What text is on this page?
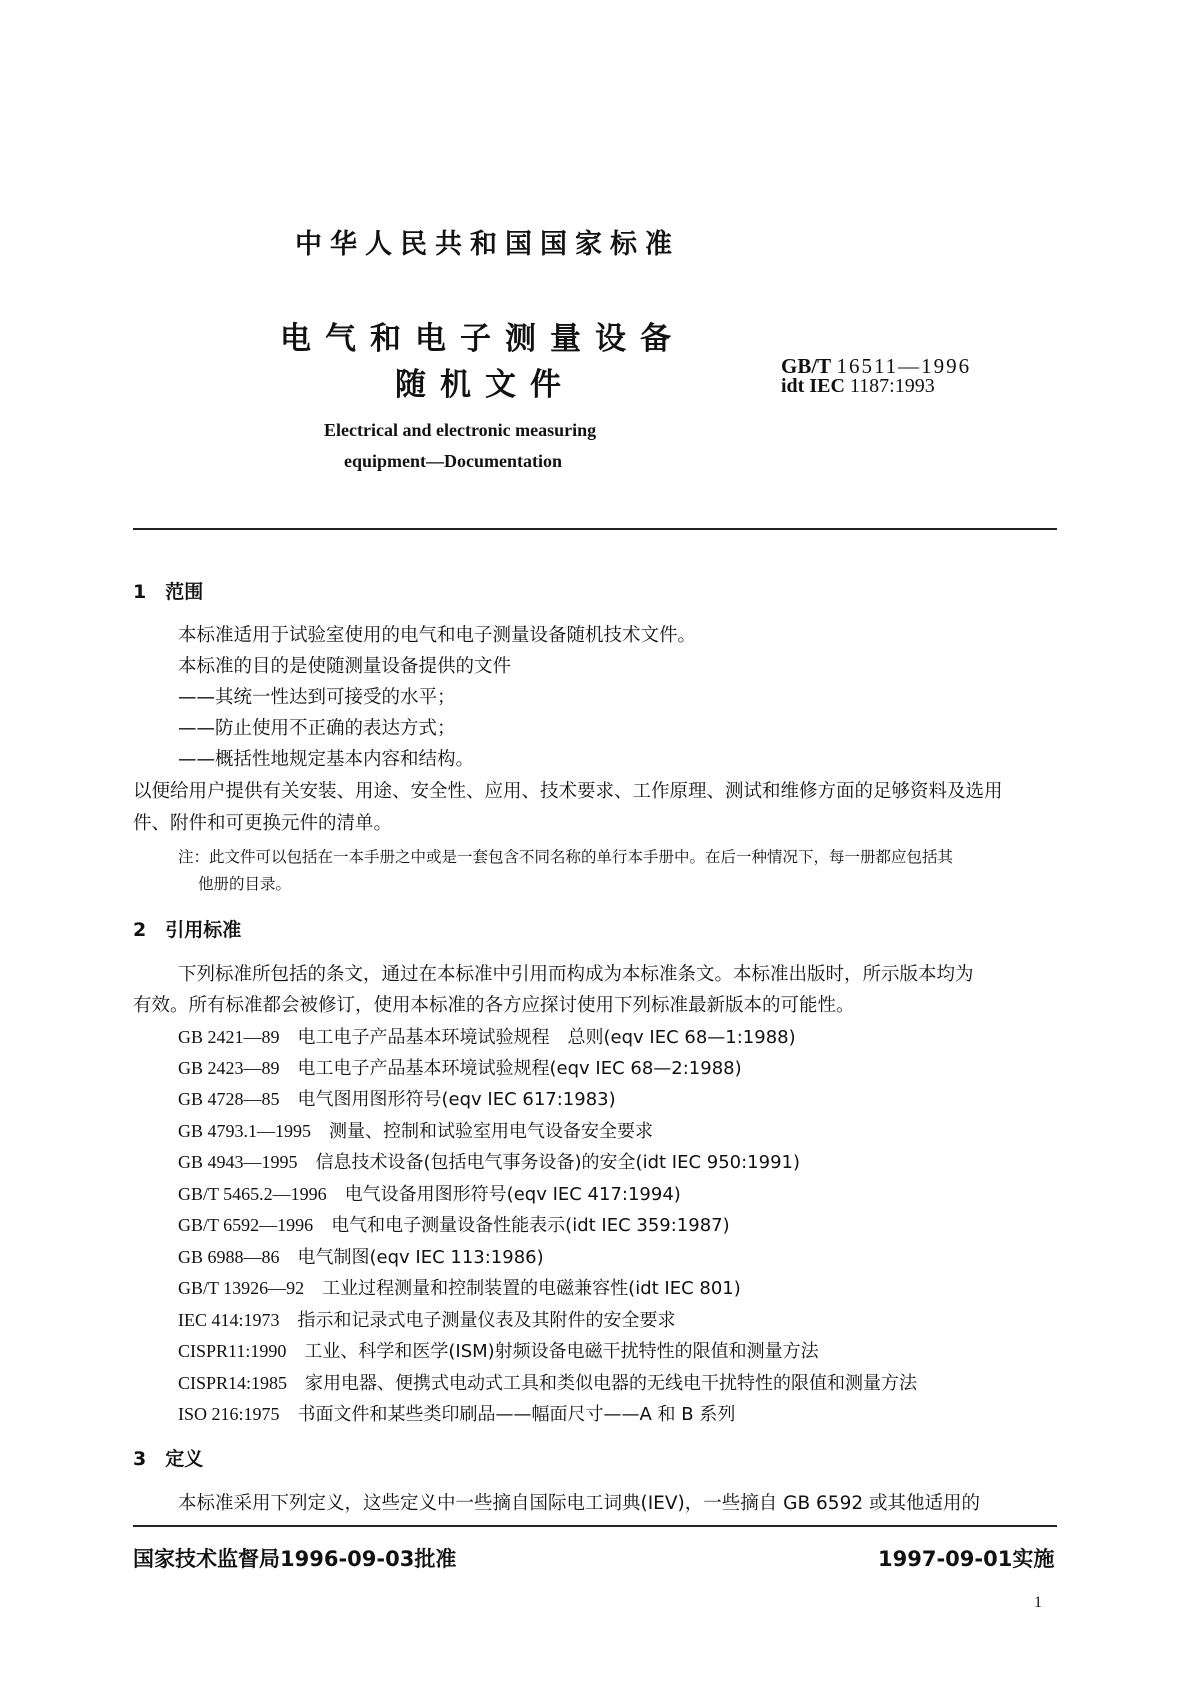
中华人民共和国国家标准
电气和电子测量设备
随机文件
GB/T 16511—1996
idt IEC 1187:1993
Electrical and electronic measuring
equipment—Documentation
1　范围
本标准适用于试验室使用的电气和电子测量设备随机技术文件。
本标准的目的是使随测量设备提供的文件
——其统一性达到可接受的水平；
——防止使用不正确的表达方式；
——概括性地规定基本内容和结构。
以便给用户提供有关安装、用途、安全性、应用、技术要求、工作原理、测试和维修方面的足够资料及选用
件、附件和可更换元件的清单。
注：此文件可以包括在一本手册之中或是一套包含不同名称的单行本手册中。在后一种情况下，每一册都应包括其
他册的目录。
2　引用标准
下列标准所包括的条文，通过在本标准中引用而构成为本标准条文。本标准出版时，所示版本均为
有效。所有标准都会被修订，使用本标准的各方应探讨使用下列标准最新版本的可能性。
GB 2421—89　 电工电子产品基本环境试验规程　总则(eqv IEC 68—1:1988)
GB 2423—89　 电工电子产品基本环境试验规程(eqv IEC 68—2:1988)
GB 4728—85　 电气图用图形符号(eqv IEC 617:1983)
GB 4793.1—1995　 测量、控制和试验室用电气设备安全要求
GB 4943—1995　 信息技术设备(包括电气事务设备)的安全(idt IEC 950:1991)
GB/T 5465.2—1996　 电气设备用图形符号(eqv IEC 417:1994)
GB/T 6592—1996　 电气和电子测量设备性能表示(idt IEC 359:1987)
GB 6988—86　 电气制图(eqv IEC 113:1986)
GB/T 13926—92　 工业过程测量和控制装置的电磁兼容性(idt IEC 801)
IEC 414:1973　 指示和记录式电子测量仪表及其附件的安全要求
CISPR11:1990　 工业、科学和医学(ISM)射频设备电磁干扰特性的限值和测量方法
CISPR14:1985　 家用电器、便携式电动式工具和类似电器的无线电干扰特性的限值和测量方法
ISO 216:1975　 书面文件和某些类印刷品——幅面尺寸——A 和 B 系列
3　定义
本标准采用下列定义，这些定义中一些摘自国际电工词典(IEV)，一些摘自 GB 6592 或其他适用的
国家技术监督局1996-09-03批准	1997-09-01实施
1
